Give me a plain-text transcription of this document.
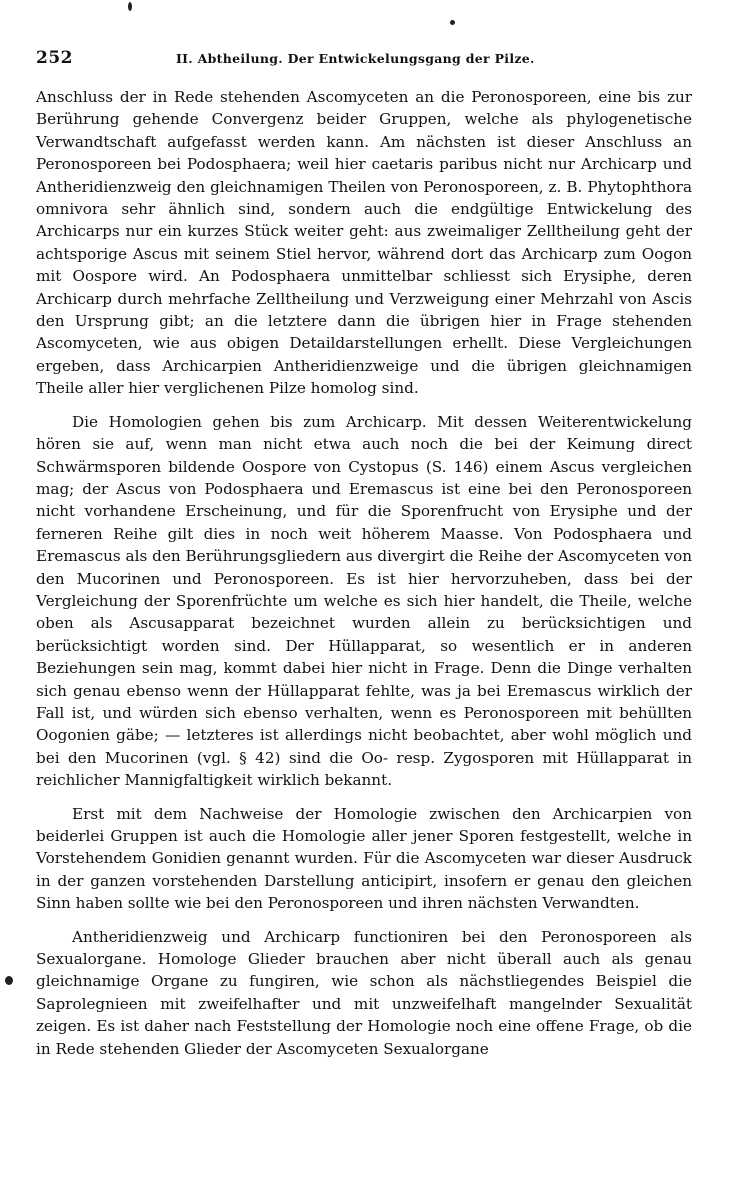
252	II. Abtheilung. Der Entwickelungsgang der Pilze.

Anschluss der in Rede stehenden Ascomyceten an die Peronosporeen, eine bis zur Berührung gehende Convergenz beider Gruppen, welche als phylogenetische Verwandtschaft aufgefasst werden kann. Am nächsten ist dieser Anschluss an Peronosporeen bei Podosphaera; weil hier caetaris paribus nicht nur Archicarp und Antheridienzweig den gleichnamigen Theilen von Peronosporeen, z. B. Phytophthora omnivora sehr ähnlich sind, sondern auch die endgültige Entwickelung des Archicarps nur ein kurzes Stück weiter geht: aus zweimaliger Zelltheilung geht der achtsporige Ascus mit seinem Stiel hervor, während dort das Archicarp zum Oogon mit Oospore wird. An Podosphaera unmittelbar schliesst sich Erysiphe, deren Archicarp durch mehrfache Zelltheilung und Verzweigung einer Mehrzahl von Ascis den Ursprung gibt; an die letztere dann die übrigen hier in Frage stehenden Ascomyceten, wie aus obigen Detaildarstellungen erhellt. Diese Vergleichungen ergeben, dass Archicarpien Antheridienzweige und die übrigen gleichnamigen Theile aller hier verglichenen Pilze homolog sind.

Die Homologien gehen bis zum Archicarp. Mit dessen Weiterentwickelung hören sie auf, wenn man nicht etwa auch noch die bei der Keimung direct Schwärmsporen bildende Oospore von Cystopus (S. 146) einem Ascus vergleichen mag; der Ascus von Podosphaera und Eremascus ist eine bei den Peronosporeen nicht vorhandene Erscheinung, und für die Sporenfrucht von Erysiphe und der ferneren Reihe gilt dies in noch weit höherem Maasse. Von Podosphaera und Eremascus als den Berührungsgliedern aus divergirt die Reihe der Ascomyceten von den Mucorinen und Peronosporeen. Es ist hier hervorzuheben, dass bei der Vergleichung der Sporenfrüchte um welche es sich hier handelt, die Theile, welche oben als Ascusapparat bezeichnet wurden allein zu berücksichtigen und berücksichtigt worden sind. Der Hüllapparat, so wesentlich er in anderen Beziehungen sein mag, kommt dabei hier nicht in Frage. Denn die Dinge verhalten sich genau ebenso wenn der Hüllapparat fehlte, was ja bei Eremascus wirklich der Fall ist, und würden sich ebenso verhalten, wenn es Peronosporeen mit behüllten Oogonien gäbe; — letzteres ist allerdings nicht beobachtet, aber wohl möglich und bei den Mucorinen (vgl. § 42) sind die Oo- resp. Zygosporen mit Hüllapparat in reichlicher Mannigfaltigkeit wirklich bekannt.

Erst mit dem Nachweise der Homologie zwischen den Archicarpien von beiderlei Gruppen ist auch die Homologie aller jener Sporen festgestellt, welche in Vorstehendem Gonidien genannt wurden. Für die Ascomyceten war dieser Ausdruck in der ganzen vorstehenden Darstellung anticipirt, insofern er genau den gleichen Sinn haben sollte wie bei den Peronosporeen und ihren nächsten Verwandten.

Antheridienzweig und Archicarp functioniren bei den Peronosporeen als Sexualorgane. Homologe Glieder brauchen aber nicht überall auch als genau gleichnamige Organe zu fungiren, wie schon als nächstliegendes Beispiel die Saprolegnieen mit zweifelhafter und mit unzweifelhaft mangelnder Sexualität zeigen. Es ist daher nach Feststellung der Homologie noch eine offene Frage, ob die in Rede stehenden Glieder der Ascomyceten Sexualorgane
